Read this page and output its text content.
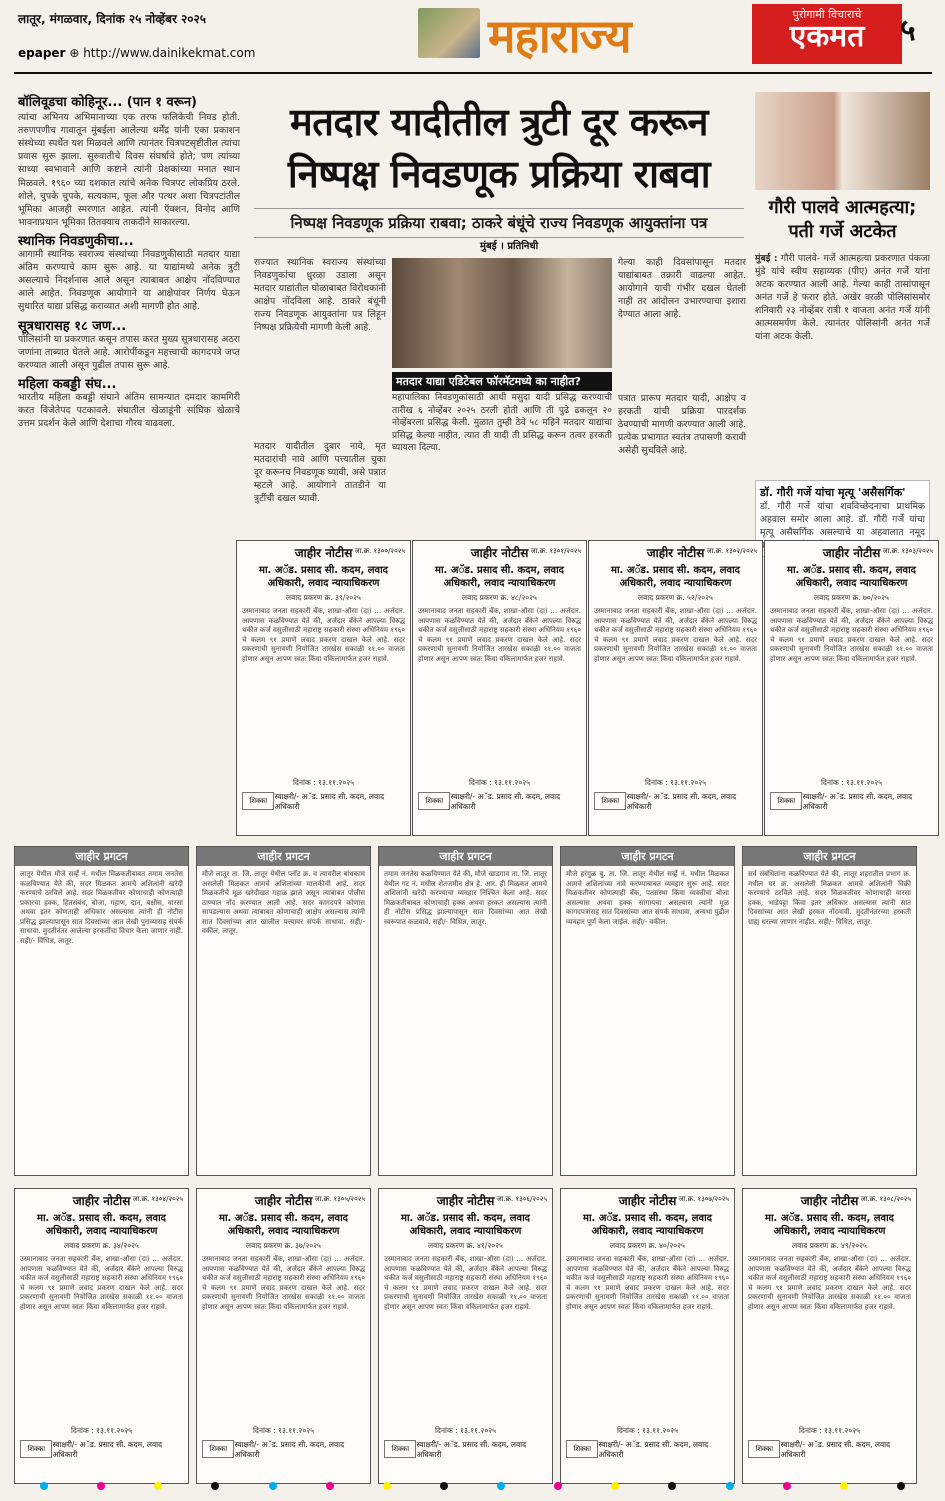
लातूर, मंगळवार, दिनांक २५ नोव्हेंबर २०२५
epaper ⊕ http://www.dainikekmat.com	महाराज्य	पुरोगामी विचाराचे
एकमत	५
बॉलिवूडचा कोहिनूर... (पान १ वरून)

त्यांचा अभिनय अभिमानाच्या एक तरफ फलिकेची निवड होती. तरुणपणीच गावातून मुंबईला आलेल्या धर्मेंद्र यांनी एका प्रकाशन संस्थेच्या स्पर्धेत यश मिळवले आणि त्यानंतर चित्रपटसृष्टीतील त्यांचा प्रवास सुरू झाला. सुरुवातीचे दिवस संघर्षाचे होते; पण त्यांच्या साध्या स्वभावाने आणि कष्टाने त्यांनी प्रेक्षकांच्या मनात स्थान मिळवले. १९६० च्या दशकात त्यांचे अनेक चित्रपट लोकप्रिय ठरले. शोले, चुपके चुपके, सत्यकाम, फूल और पत्थर अशा चित्रपटांतील भूमिका आजही स्मरणात आहेत. त्यांनी ऍक्शन, विनोद आणि भावनाप्रधान भूमिका तितक्याच ताकदीने साकारल्या.

स्थानिक निवडणुकीचा...

आगामी स्थानिक स्वराज्य संस्थांच्या निवडणुकीसाठी मतदार याद्या अंतिम करण्याचे काम सुरू आहे. या याद्यांमध्ये अनेक त्रुटी असल्याचे निदर्शनास आले असून त्याबाबत आक्षेप नोंदविण्यात आले आहेत. निवडणूक आयोगाने या आक्षेपांवर निर्णय घेऊन सुधारित याद्या प्रसिद्ध कराव्यात अशी मागणी होत आहे.

सूत्रधारासह १८ जण...

पोलिसांनी या प्रकरणात कसून तपास करत मुख्य सूत्रधारासह अठरा जणांना ताब्यात घेतले आहे. आरोपींकडून महत्त्वाची कागदपत्रे जप्त करण्यात आली असून पुढील तपास सुरू आहे.

महिला कबड्डी संघ...

भारतीय महिला कबड्डी संघाने अंतिम सामन्यात दमदार कामगिरी करत विजेतेपद पटकावले. संघातील खेळाडूंनी सांघिक खेळाचे उत्तम प्रदर्शन केले आणि देशाचा गौरव वाढवला.

मतदार यादीतील त्रुटी दूर करून
निष्पक्ष निवडणूक प्रक्रिया राबवा
निष्पक्ष निवडणूक प्रक्रिया राबवा; ठाकरे बंधूंचे राज्य निवडणूक आयुक्तांना पत्र
मुंबई । प्रतिनिधी
राज्यात स्थानिक स्वराज्य संस्थांच्या निवडणुकांचा धुरळा उडाला असून मतदार याद्यांतील घोळाबाबत विरोधकांनी आक्षेप नोंदविला आहे. ठाकरे बंधूंनी राज्य निवडणूक आयुक्तांना पत्र लिहून निष्पक्ष प्रक्रियेची मागणी केली आहे.
मतदार याद्या एडिटेबल फॉरमॅटमध्ये का नाहीत?
महापालिका निवडणुकांसाठी आधी मसुदा यादी प्रसिद्ध करण्याची तारीख ६ नोव्हेंबर २०२५ ठरली होती आणि ती पुढे ढकलून २० नोव्हेंबरला प्रसिद्ध केली. मुळात तुम्ही ठेवे ५८ महिने मतदार याद्यांचा प्रसिद्ध केल्या नाहीत, त्यात ती यादी ती प्रसिद्ध करून तत्वर हरकती घ्यायला दिल्या.
मतदार यादीतील दुबार नावे, मृत मतदारांची नावे आणि पत्त्यातील चुका दूर करूनच निवडणूक घ्यावी, असे पत्रात म्हटले आहे. आयोगाने तातडीने या त्रुटींची दखल घ्यावी.
गेल्या काही दिवसांपासून मतदार याद्यांबाबत तक्रारी वाढल्या आहेत. आयोगाने याची गंभीर दखल घेतली नाही तर आंदोलन उभारण्याचा इशारा देण्यात आला आहे.
पत्रात प्रारूप मतदार यादी, आक्षेप व हरकती यांची प्रक्रिया पारदर्शक ठेवण्याची मागणी करण्यात आली आहे. प्रत्येक प्रभागात स्वतंत्र तपासणी करावी असेही सुचविले आहे.
गौरी पालवे आत्महत्या; पती गर्जे अटकेत
मुंबई : गौरी पालवे- गर्जे आत्महत्या प्रकरणात पंकजा मुंडे यांचे स्वीय सहाय्यक (पीए) अनंत गर्जे यांना अटक करण्यात आली आहे. गेल्या काही तासांपासून अनंत गर्जे हे फरार होते. अखेर वरळी पोलिसांसमोर शनिवारी २३ नोव्हेंबर रात्री १ वाजता अनंत गर्जे यांनी आत्मसमर्पण केले. त्यानंतर पोलिसांनी अनंत गर्जे यांना अटक केली.
डॉ. गौरी गर्जे यांचा मृत्यू 'असैसर्गिक'
डॉ. गौरी गर्जे यांचा शवविच्छेदनाचा प्राथमिक अहवाल समोर आला आहे. डॉ. गौरी गर्जे यांचा मृत्यू असैसर्गिक असल्याचे या अहवालात नमूद
जाहीर नोटीस जा.क्र. १३००/२०२५
मा. अॅड. प्रसाद सी. कदम, लवाद अधिकारी, लवाद न्यायाधिकरण
लवाद प्रकरण क्र. ३९/२०२५
उस्मानाबाद जनता सहकारी बँक, शाखा-औसा (दा) ... अर्जदार. आपणास कळविण्यात येते की, अर्जदार बँकेने आपल्या विरुद्ध थकीत कर्ज वसुलीसाठी महाराष्ट्र सहकारी संस्था अधिनियम १९६० चे कलम ९१ प्रमाणे लवाद प्रकरण दाखल केले आहे. सदर प्रकरणाची सुनावणी नियोजित तारखेस सकाळी ११.०० वाजता होणार असून आपण स्वतः किंवा वकिलामार्फत हजर राहावे.
दिनांक : १३.११.२०२५
शिक्का स्वाक्षरी/- अॅड. प्रसाद सी. कदम, लवाद अधिकारी
जाहीर नोटीस जा.क्र. १३०१/२०२५
मा. अॅड. प्रसाद सी. कदम, लवाद अधिकारी, लवाद न्यायाधिकरण
लवाद प्रकरण क्र. ४८/२०२५
उस्मानाबाद जनता सहकारी बँक, शाखा-औसा (दा) ... अर्जदार. आपणास कळविण्यात येते की, अर्जदार बँकेने आपल्या विरुद्ध थकीत कर्ज वसुलीसाठी महाराष्ट्र सहकारी संस्था अधिनियम १९६० चे कलम ९१ प्रमाणे लवाद प्रकरण दाखल केले आहे. सदर प्रकरणाची सुनावणी नियोजित तारखेस सकाळी ११.०० वाजता होणार असून आपण स्वतः किंवा वकिलामार्फत हजर राहावे.
दिनांक : १३.११.२०२५
शिक्का स्वाक्षरी/- अॅड. प्रसाद सी. कदम, लवाद अधिकारी
जाहीर नोटीस जा.क्र. १३०२/२०२५
मा. अॅड. प्रसाद सी. कदम, लवाद अधिकारी, लवाद न्यायाधिकरण
लवाद प्रकरण क्र. ५२/२०२५
उस्मानाबाद जनता सहकारी बँक, शाखा-औसा (दा) ... अर्जदार. आपणास कळविण्यात येते की, अर्जदार बँकेने आपल्या विरुद्ध थकीत कर्ज वसुलीसाठी महाराष्ट्र सहकारी संस्था अधिनियम १९६० चे कलम ९१ प्रमाणे लवाद प्रकरण दाखल केले आहे. सदर प्रकरणाची सुनावणी नियोजित तारखेस सकाळी ११.०० वाजता होणार असून आपण स्वतः किंवा वकिलामार्फत हजर राहावे.
दिनांक : १३.११.२०२५
शिक्का स्वाक्षरी/- अॅड. प्रसाद सी. कदम, लवाद अधिकारी
जाहीर नोटीस जा.क्र. १३०३/२०२५
मा. अॅड. प्रसाद सी. कदम, लवाद अधिकारी, लवाद न्यायाधिकरण
लवाद प्रकरण क्र. ७०/२०२५
उस्मानाबाद जनता सहकारी बँक, शाखा-औसा (दा) ... अर्जदार. आपणास कळविण्यात येते की, अर्जदार बँकेने आपल्या विरुद्ध थकीत कर्ज वसुलीसाठी महाराष्ट्र सहकारी संस्था अधिनियम १९६० चे कलम ९१ प्रमाणे लवाद प्रकरण दाखल केले आहे. सदर प्रकरणाची सुनावणी नियोजित तारखेस सकाळी ११.०० वाजता होणार असून आपण स्वतः किंवा वकिलामार्फत हजर राहावे.
दिनांक : १३.११.२०२५
शिक्का स्वाक्षरी/- अॅड. प्रसाद सी. कदम, लवाद अधिकारी
जाहीर प्रगटन
लातूर येथील मौजे सर्व्हे नं. मधील मिळकतीबाबत तमाम जनतेस कळविण्यात येते की, सदर मिळकत आमचे अशिलांनी खरेदी करण्याचे ठरविले आहे. सदर मिळकतीवर कोणाचाही कोणत्याही प्रकारचा हक्क, हितसंबंध, बोजा, गहाण, दान, बक्षीस, वारसा अथवा इतर कोणताही अधिकार असल्यास त्यांनी ही नोटीस प्रसिद्ध झाल्यापासून सात दिवसांच्या आत लेखी पुराव्यासह संपर्क साधावा. मुदतीनंतर आलेल्या हरकतींचा विचार केला जाणार नाही. सही/- विधिज्ञ, लातूर.
जाहीर प्रगटन
मौजे लातूर ता. जि. लातूर येथील प्लॉट क्र. व त्यावरील बांधकाम असलेली मिळकत आमचे अशिलांच्या मालकीची आहे. सदर मिळकतीचे मूळ खरेदीखत गहाळ झाले असून त्याबाबत पोलीस ठाण्यात नोंद करण्यात आली आहे. सदर कागदपत्रे कोणास सापडल्यास अथवा त्याबाबत कोणाचाही आक्षेप असल्यास त्यांनी सात दिवसांच्या आत खालील पत्त्यावर संपर्क साधावा. सही/- वकील, लातूर.
जाहीर प्रगटन
तमाम जनतेस कळविण्यात येते की, मौजे खाडगाव ता. जि. लातूर येथील गट नं. मधील शेतजमीन क्षेत्र हे. आर. ही मिळकत आमचे अशिलांनी खरेदी करण्याचा व्यवहार निश्चित केला आहे. सदर मिळकतीबाबत कोणाचाही हक्क अथवा हरकत असल्यास त्यांनी ही नोटीस प्रसिद्ध झाल्यापासून सात दिवसांच्या आत लेखी स्वरूपात कळवावे. सही/- विधिज्ञ, लातूर.
जाहीर प्रगटन
मौजे हरंगुळ बु. ता. जि. लातूर येथील सर्व्हे नं. मधील मिळकत आमचे अशिलांच्या नावे करण्याबाबत व्यवहार सुरू आहे. सदर मिळकतीवर कोणत्याही बँक, पतसंस्था किंवा व्यक्तीचा बोजा असल्यास अथवा हक्क सांगायचा असल्यास त्यांनी मूळ कागदपत्रांसह सात दिवसांच्या आत संपर्क साधावा, अन्यथा पुढील व्यवहार पूर्ण केला जाईल. सही/- वकील.
जाहीर प्रगटन
सर्व संबंधितांना कळविण्यात येते की, लातूर शहरातील प्रभाग क्र. मधील घर क्र. असलेली मिळकत आमचे अशिलांनी विक्री करण्याचे ठरविले आहे. सदर मिळकतीवर कोणाचाही वारसा हक्क, भाडेपट्टा किंवा इतर अधिकार असल्यास त्यांनी सात दिवसांच्या आत लेखी हरकत नोंदवावी. मुदतीनंतरच्या हरकती ग्राह्य धरल्या जाणार नाहीत. सही/- विधिज्ञ, लातूर.
जाहीर नोटीस जा.क्र. १३०४/२०२५
मा. अॅड. प्रसाद सी. कदम, लवाद अधिकारी, लवाद न्यायाधिकरण
लवाद प्रकरण क्र. ३४/२०२५
उस्मानाबाद जनता सहकारी बँक, शाखा-औसा (दा) ... अर्जदार. आपणास कळविण्यात येते की, अर्जदार बँकेने आपल्या विरुद्ध थकीत कर्ज वसुलीसाठी महाराष्ट्र सहकारी संस्था अधिनियम १९६० चे कलम ९१ प्रमाणे लवाद प्रकरण दाखल केले आहे. सदर प्रकरणाची सुनावणी नियोजित तारखेस सकाळी ११.०० वाजता होणार असून आपण स्वतः किंवा वकिलामार्फत हजर राहावे.
दिनांक : १३.११.२०२५
शिक्का स्वाक्षरी/- अॅड. प्रसाद सी. कदम, लवाद अधिकारी
जाहीर नोटीस जा.क्र. १३०५/२०२५
मा. अॅड. प्रसाद सी. कदम, लवाद अधिकारी, लवाद न्यायाधिकरण
लवाद प्रकरण क्र. ३७/२०२५
उस्मानाबाद जनता सहकारी बँक, शाखा-औसा (दा) ... अर्जदार. आपणास कळविण्यात येते की, अर्जदार बँकेने आपल्या विरुद्ध थकीत कर्ज वसुलीसाठी महाराष्ट्र सहकारी संस्था अधिनियम १९६० चे कलम ९१ प्रमाणे लवाद प्रकरण दाखल केले आहे. सदर प्रकरणाची सुनावणी नियोजित तारखेस सकाळी ११.०० वाजता होणार असून आपण स्वतः किंवा वकिलामार्फत हजर राहावे.
दिनांक : १३.११.२०२५
शिक्का स्वाक्षरी/- अॅड. प्रसाद सी. कदम, लवाद अधिकारी
जाहीर नोटीस जा.क्र. १३०६/२०२५
मा. अॅड. प्रसाद सी. कदम, लवाद अधिकारी, लवाद न्यायाधिकरण
लवाद प्रकरण क्र. ४१/२०२५
उस्मानाबाद जनता सहकारी बँक, शाखा-औसा (दा) ... अर्जदार. आपणास कळविण्यात येते की, अर्जदार बँकेने आपल्या विरुद्ध थकीत कर्ज वसुलीसाठी महाराष्ट्र सहकारी संस्था अधिनियम १९६० चे कलम ९१ प्रमाणे लवाद प्रकरण दाखल केले आहे. सदर प्रकरणाची सुनावणी नियोजित तारखेस सकाळी ११.०० वाजता होणार असून आपण स्वतः किंवा वकिलामार्फत हजर राहावे.
दिनांक : १३.११.२०२५
शिक्का स्वाक्षरी/- अॅड. प्रसाद सी. कदम, लवाद अधिकारी
जाहीर नोटीस जा.क्र. १३०७/२०२५
मा. अॅड. प्रसाद सी. कदम, लवाद अधिकारी, लवाद न्यायाधिकरण
लवाद प्रकरण क्र. ४०/२०२५
उस्मानाबाद जनता सहकारी बँक, शाखा-औसा (दा) ... अर्जदार. आपणास कळविण्यात येते की, अर्जदार बँकेने आपल्या विरुद्ध थकीत कर्ज वसुलीसाठी महाराष्ट्र सहकारी संस्था अधिनियम १९६० चे कलम ९१ प्रमाणे लवाद प्रकरण दाखल केले आहे. सदर प्रकरणाची सुनावणी नियोजित तारखेस सकाळी ११.०० वाजता होणार असून आपण स्वतः किंवा वकिलामार्फत हजर राहावे.
दिनांक : १३.११.२०२५
शिक्का स्वाक्षरी/- अॅड. प्रसाद सी. कदम, लवाद अधिकारी
जाहीर नोटीस जा.क्र. १३०८/२०२५
मा. अॅड. प्रसाद सी. कदम, लवाद अधिकारी, लवाद न्यायाधिकरण
लवाद प्रकरण क्र. ४९/२०२५
उस्मानाबाद जनता सहकारी बँक, शाखा-औसा (दा) ... अर्जदार. आपणास कळविण्यात येते की, अर्जदार बँकेने आपल्या विरुद्ध थकीत कर्ज वसुलीसाठी महाराष्ट्र सहकारी संस्था अधिनियम १९६० चे कलम ९१ प्रमाणे लवाद प्रकरण दाखल केले आहे. सदर प्रकरणाची सुनावणी नियोजित तारखेस सकाळी ११.०० वाजता होणार असून आपण स्वतः किंवा वकिलामार्फत हजर राहावे.
दिनांक : १३.११.२०२५
शिक्का स्वाक्षरी/- अॅड. प्रसाद सी. कदम, लवाद अधिकारी
